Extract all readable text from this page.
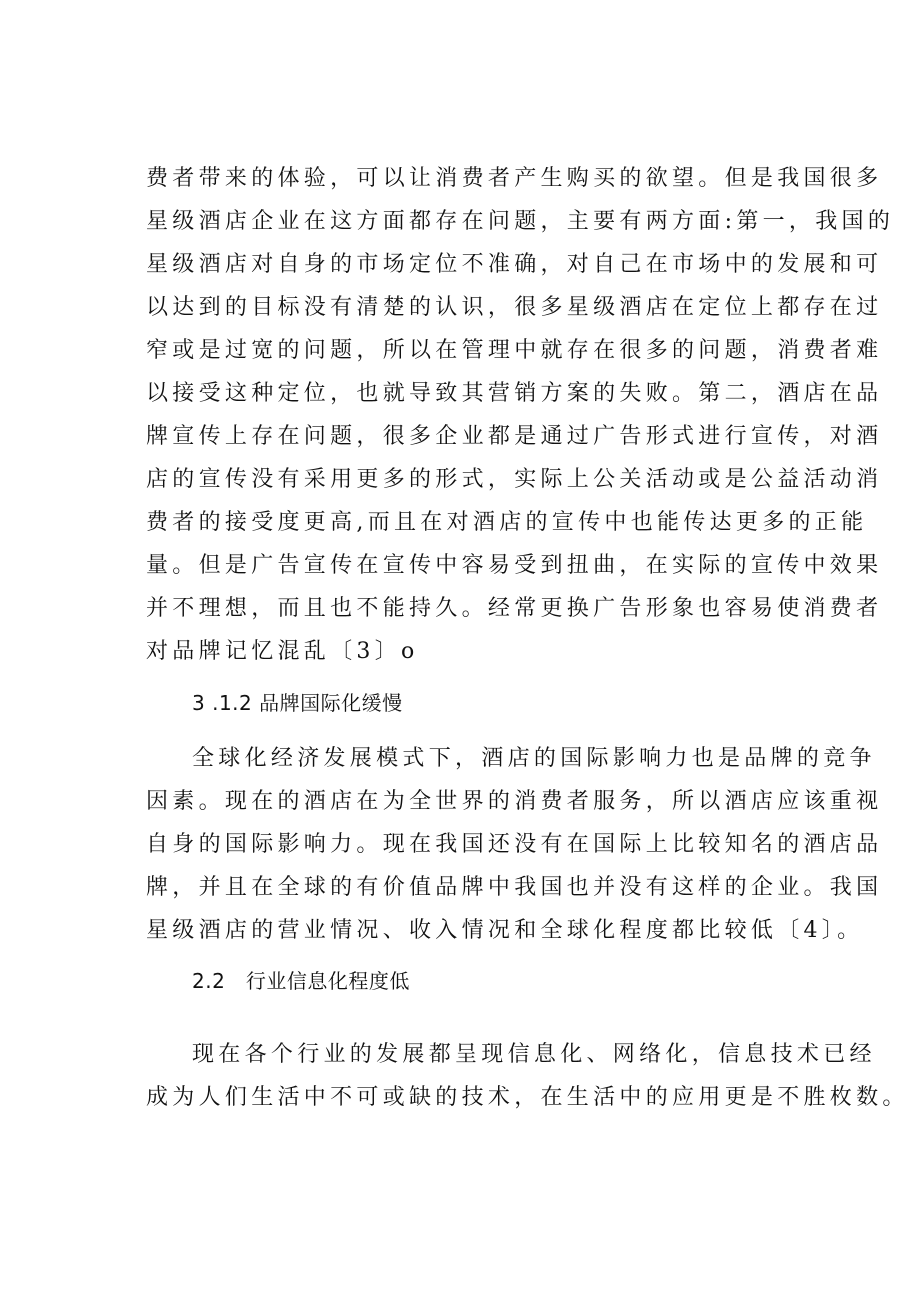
费者带来的体验，可以让消费者产生购买的欲望。但是我国很多
星级酒店企业在这方面都存在问题，主要有两方面:第一，我国的
星级酒店对自身的市场定位不准确，对自己在市场中的发展和可
以达到的目标没有清楚的认识，很多星级酒店在定位上都存在过
窄或是过宽的问题，所以在管理中就存在很多的问题，消费者难
以接受这种定位，也就导致其营销方案的失败。第二，酒店在品
牌宣传上存在问题，很多企业都是通过广告形式进行宣传，对酒
店的宣传没有采用更多的形式，实际上公关活动或是公益活动消
费者的接受度更高,而且在对酒店的宣传中也能传达更多的正能
量。但是广告宣传在宣传中容易受到扭曲，在实际的宣传中效果
并不理想，而且也不能持久。经常更换广告形象也容易使消费者
对品牌记忆混乱〔3〕o
3 .1.2 品牌国际化缓慢
全球化经济发展模式下，酒店的国际影响力也是品牌的竞争
因素。现在的酒店在为全世界的消费者服务，所以酒店应该重视
自身的国际影响力。现在我国还没有在国际上比较知名的酒店品
牌，并且在全球的有价值品牌中我国也并没有这样的企业。我国
星级酒店的营业情况、收入情况和全球化程度都比较低〔4〕。
2.2   行业信息化程度低
现在各个行业的发展都呈现信息化、网络化，信息技术已经
成为人们生活中不可或缺的技术，在生活中的应用更是不胜枚数。
